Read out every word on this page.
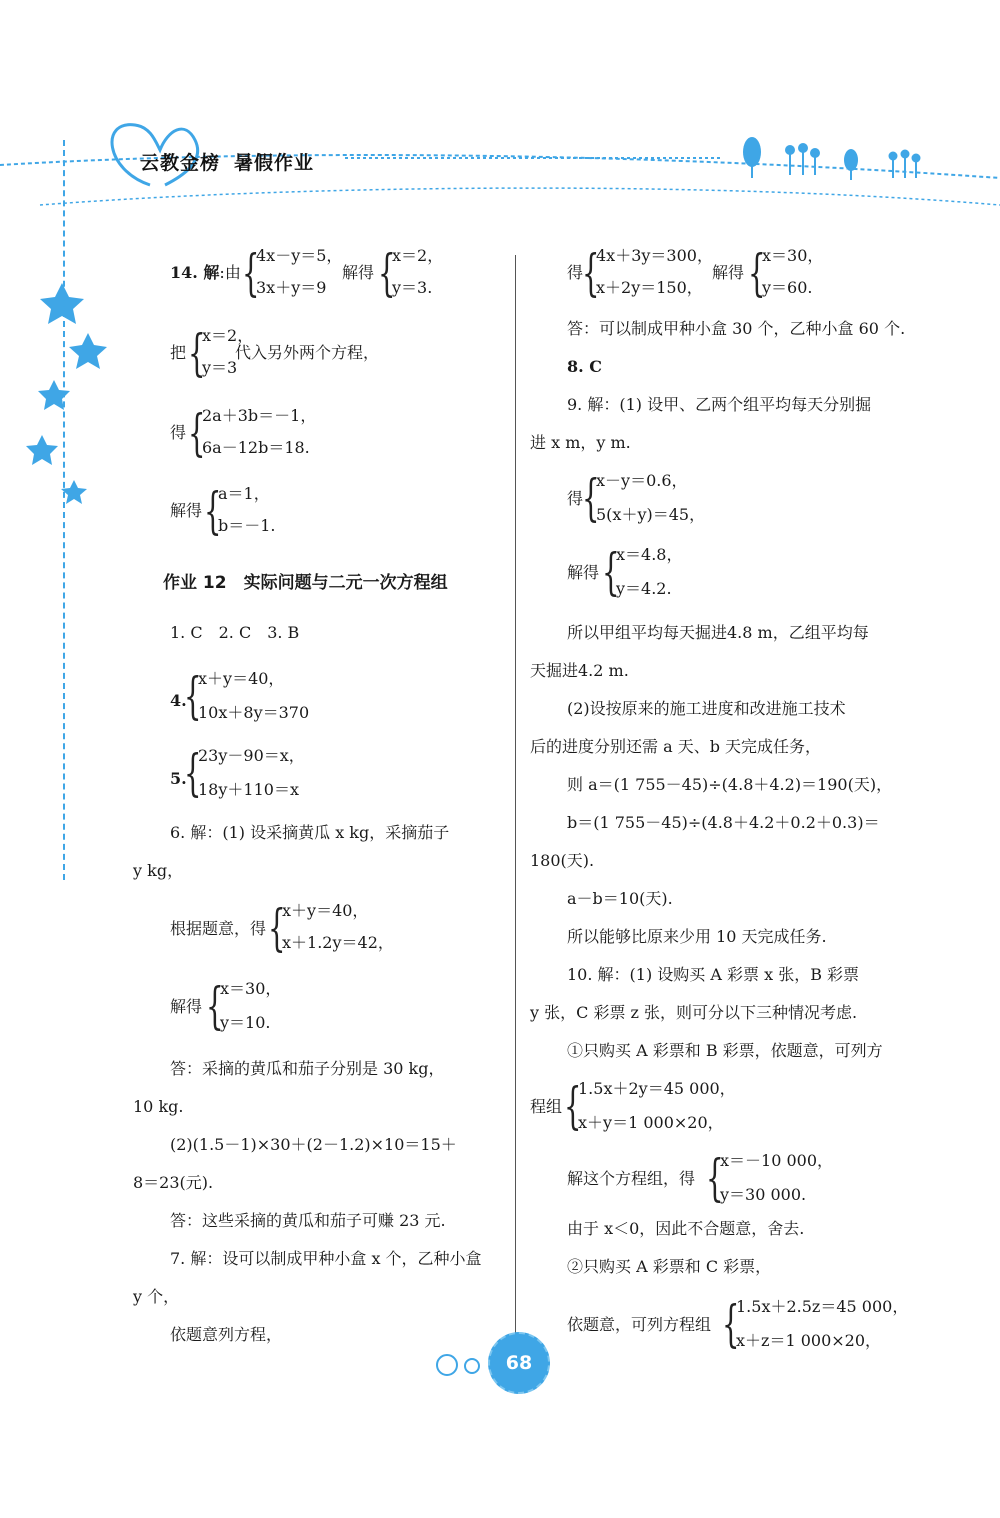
云教金榜 暑假作业
14. 解:由 {
4x－y＝5，
3x＋y＝9
解得 {
x＝2，
y＝3.
把 {
x＝2，
y＝3
代入另外两个方程，
得 {
2a＋3b＝－1，
6a－12b＝18.
解得 {
a＝1，
b＝－1.
作业 12　实际问题与二元一次方程组
1. C　2. C　3. B
4.
{
x＋y＝40，
10x＋8y＝370
5.
{
23y－90＝x，
18y＋110＝x
6. 解：(1) 设采摘黄瓜 x kg，采摘茄子
y kg，
根据题意，得 {
x＋y＝40，
x＋1.2y＝42，
解得 {
x＝30，
y＝10.
答：采摘的黄瓜和茄子分别是 30 kg，
10 kg.
(2)(1.5－1)×30＋(2－1.2)×10＝15＋
8＝23(元).
答：这些采摘的黄瓜和茄子可赚 23 元.
7. 解：设可以制成甲种小盒 x 个，乙种小盒
y 个，
依题意列方程，
得
{
4x＋3y＝300，
x＋2y＝150，
解得 {
x＝30，
y＝60.
答：可以制成甲种小盒 30 个，乙种小盒 60 个.
8. C
9. 解：(1) 设甲、乙两个组平均每天分别掘
进 x m，y m.
得
{
x－y＝0.6，
5(x＋y)＝45，
解得 {
x＝4.8，
y＝4.2.
所以甲组平均每天掘进4.8 m，乙组平均每
天掘进4.2 m.
(2)设按原来的施工进度和改进施工技术
后的进度分别还需 a 天、b 天完成任务，
则 a＝(1 755－45)÷(4.8＋4.2)＝190(天)，
b＝(1 755－45)÷(4.8＋4.2＋0.2＋0.3)＝
180(天).
a－b＝10(天).
所以能够比原来少用 10 天完成任务.
10. 解：(1) 设购买 A 彩票 x 张，B 彩票
y 张，C 彩票 z 张，则可分以下三种情况考虑.
①只购买 A 彩票和 B 彩票，依题意，可列方
程组 {
1.5x＋2y＝45 000，
x＋y＝1 000×20，
解这个方程组，得 {
x＝－10 000，
y＝30 000.
由于 x＜0，因此不合题意，舍去.
②只购买 A 彩票和 C 彩票，
依题意，可列方程组 {
1.5x＋2.5z＝45 000，
x＋z＝1 000×20，
68
